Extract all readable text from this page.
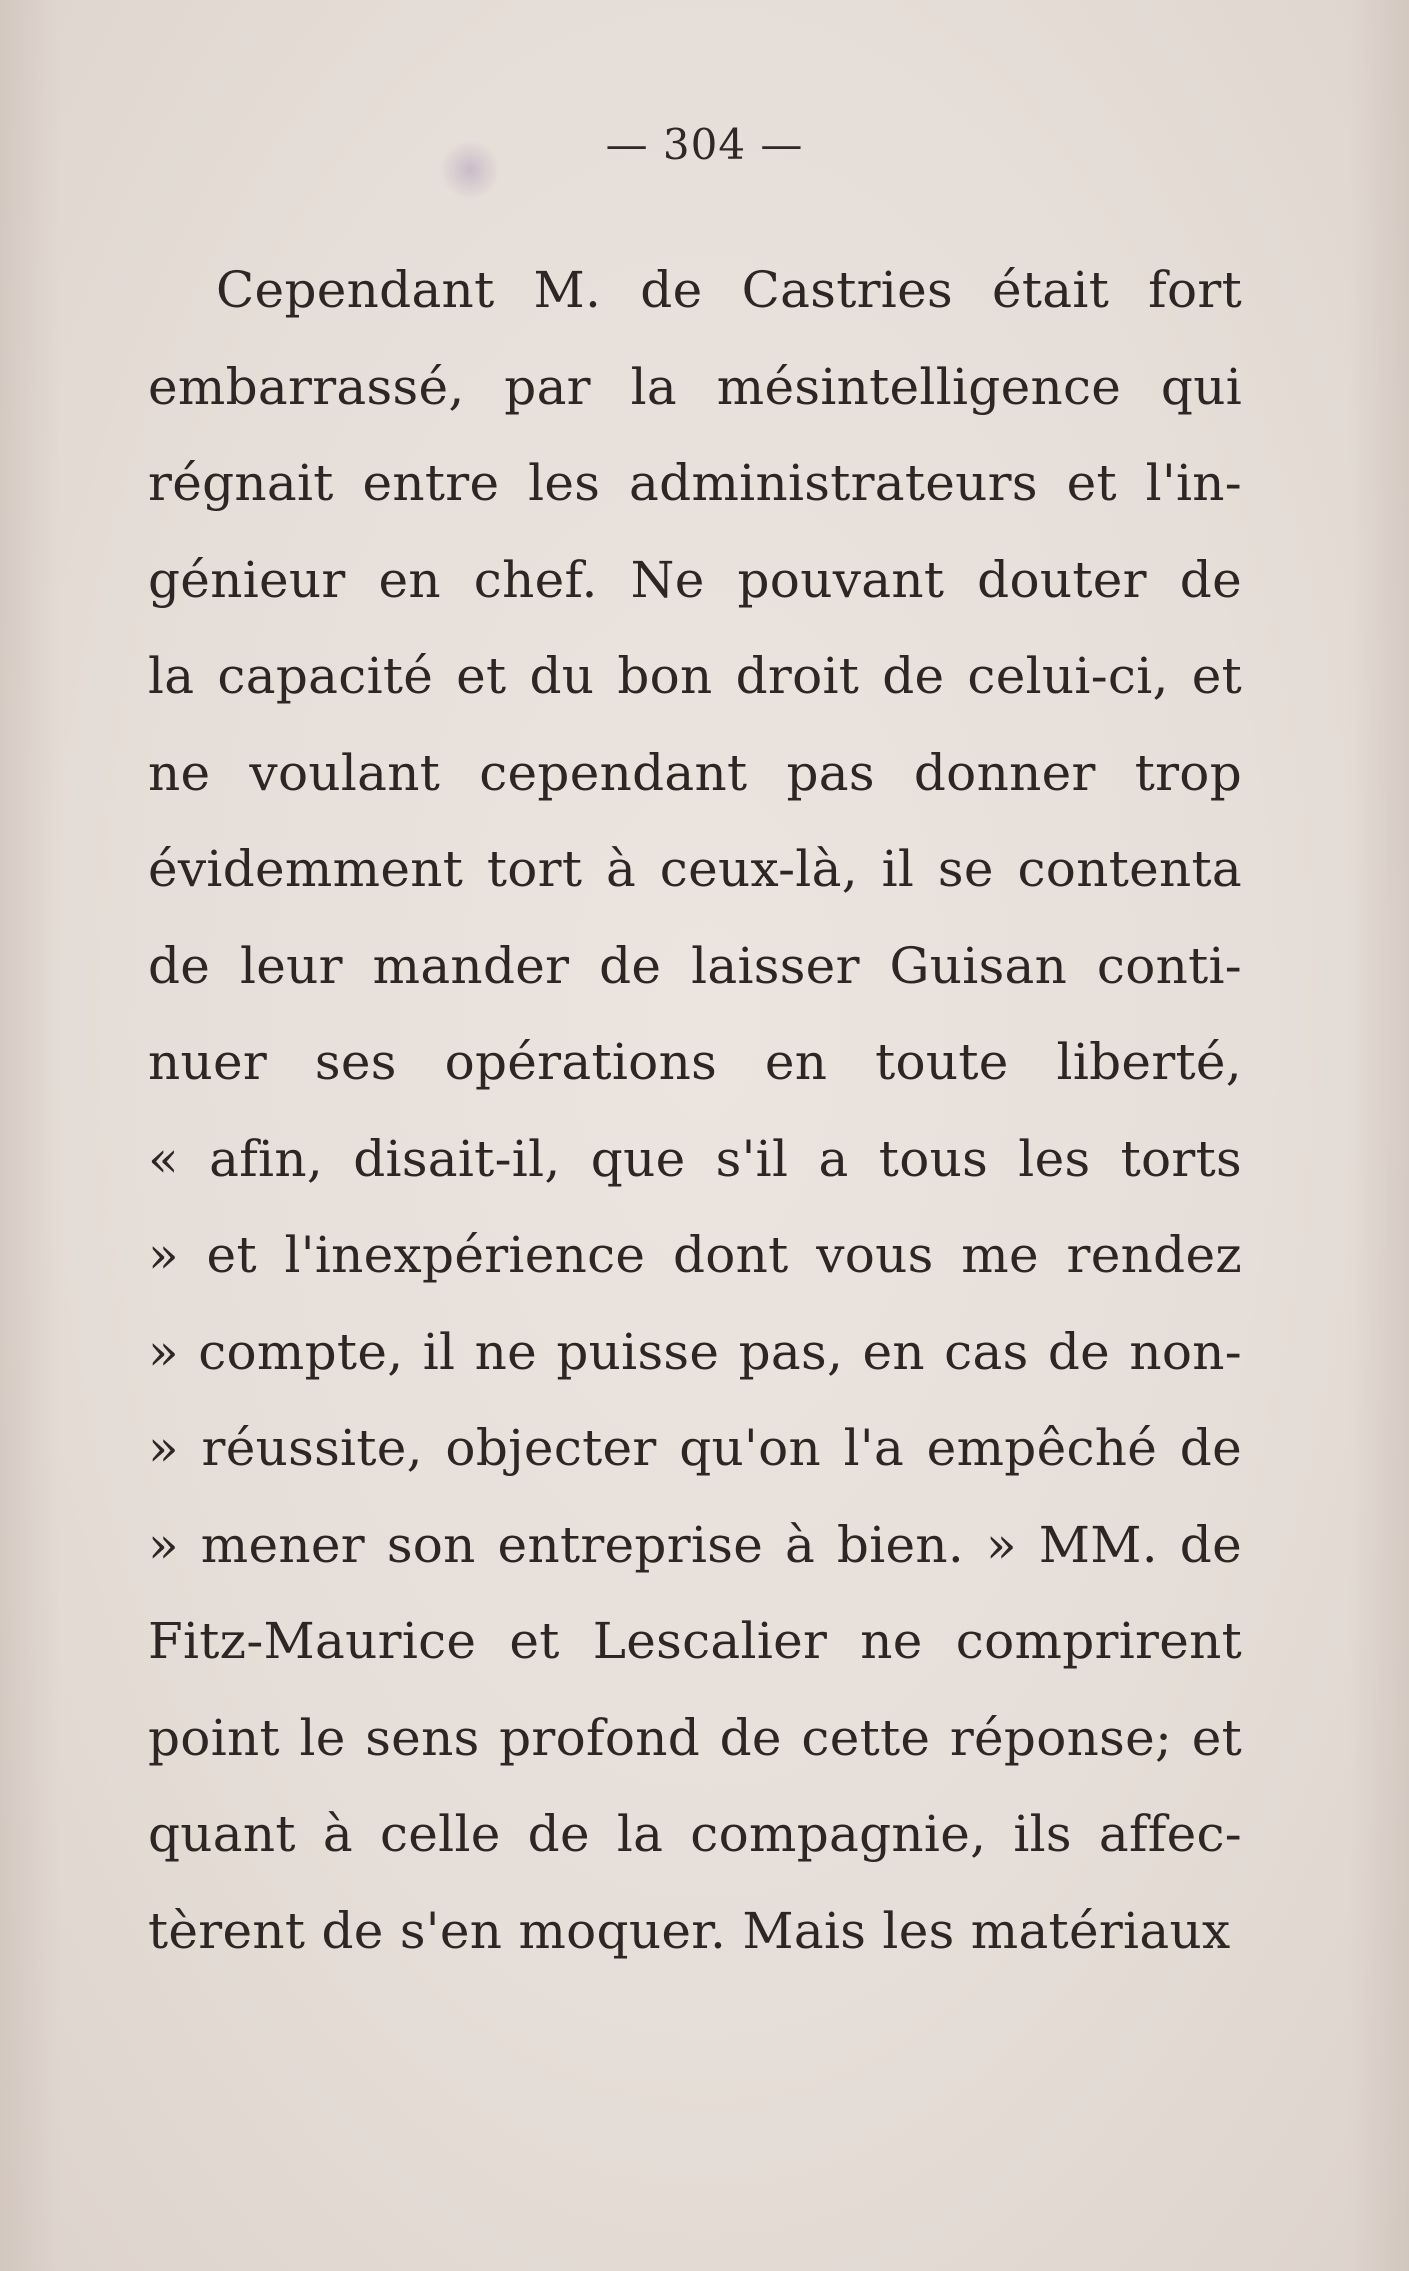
— 304 —
Cependant M. de Castries était fort
embarrassé, par la mésintelligence qui
régnait entre les administrateurs et l'in-
génieur en chef. Ne pouvant douter de
la capacité et du bon droit de celui-ci, et
ne voulant cependant pas donner trop
évidemment tort à ceux-là, il se contenta
de leur mander de laisser Guisan conti-
nuer ses opérations en toute liberté,
« afin, disait-il, que s'il a tous les torts
» et l'inexpérience dont vous me rendez
» compte, il ne puisse pas, en cas de non-
» réussite, objecter qu'on l'a empêché de
» mener son entreprise à bien. » MM. de
Fitz-Maurice et Lescalier ne comprirent
point le sens profond de cette réponse; et
quant à celle de la compagnie, ils affec-
tèrent de s'en moquer. Mais les matériaux
